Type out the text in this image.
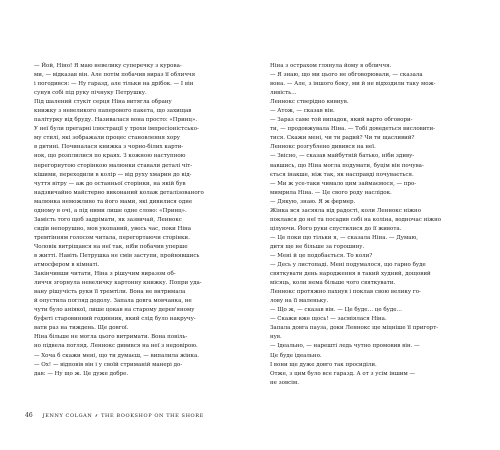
— Йой, Ніно! Я маю невелику суперечку з курова-

ми, — відказав він. Але потім побачив вираз її обличчя

і погодився: — Ну гаразд, але тільки на дрібок. — І він

сунув собі під руку пічнуку Петрушку.

Під шалений стукіт серця Ніна витягла обрану

книжку з невеликого паперового пакета, що захищав

палітурку від бруду. Називалася вона просто: «Принц».

У неї були прегарні ілюстрації у трохи імпресіоністсько-

му стилі, які зображали процес становлення хору

в дитині. Починалася книжка з чорно-білих карти-

нок, що розплилися по краях. З кожною наступною

перегорнутою сторінкою малюнки ставали деталі чіт-

кішими, переходили в колір — від руху хмарин до від-

чуття вітру — аж до останньої сторінки, на якій був

надзвичайно майстерно виконаний колаж деталізованого

малюнка неможливо та його мами, які дивилися одне

одному в очі, а під ними лише одне слово: «Принц».

Замість того щоб задрімати, як зазвичай, Леннокс

сидів непорушно, мов укопаний, увесь час, поки Ніна

тремтінням голосом читала, перегортаючи сторінки.

Чоловік витріщався на неї так, ніби побачив уперше

в житті. Навіть Петрушка не смів заступи, пройнявшись

атмосфером в кімнаті.

Закінчивши читати, Ніна з рішучим виразом об-

личчя згорнула невеличку картонну книжку. Попри уда-

вану рішучість руки її тремтіли. Вона не витримала

й опустила погляд додолу. Запала довга мовчанка, не

чути було аніякої, лише цокав на старому дерев'яному

буфеті старовинний годинник, який слід було накручу-

вати раз на тиждень. Ще довгої.

Ніна більше не могла цього витримати. Вона повіль-

но підвела погляд. Леннокс дивився на неї з недовірою.

— Хоча б скажи мені, що ти думаєш, — випалила жінка.

— Ох! — відповів він і у своїй стриманій манері до-

дав: — Ну що ж. Це дуже добре.

Ніна з острахом глянула йому в обличчя.

— Я знаю, що ми цього не обговорювали, — сказала

вона. — Але, з іншого боку, ми й не відходили таку мож-

ливість…

Леннокс стверідно кивнув.

— Атож, — сказав він.

— Зараз саме той випадок, який варто обговори-

ти, — продовжувала Ніна. — Тобі доведеться висловити-

тися. Скажи мені, чи ти радий? Чи ти щасливий?

Леннокс розгублено дивився на неї.

— Звісно, — сказав майбутній батько, ніби здиву-

вавшись, що Ніна могла подумати, буцім він почува-

ється інакше, ніж так, як насправді почувається.

— Ми ж усе-таки чималo цим займаємося, — про-

мимрила Ніна. — Це свого роду наслідок.

— Дякую, знаю. Я ж фермер.

Жінка вся засяяла від радості, коли Леннокс ніжно

поклався до неї та посадив собі на коліна, водночас ніжно

цілуючи. Його руки спустилися до її живота.

— Це поки що тільки я, — сказала Ніна. — Думаю,

дитя ще не більше за горошину.

— Мені й це подобається. То коли?

— Десь у листопаді. Мені подумалося, що гарно буде

святкувати день народження в такий худний, дощовий

місяць, коли нема більше чого святкувати.

Леннокс протяжно пахнув і поклав свою велику го-

лову на її маленьку.

— Що ж, — сказав він. — Це буде… це буде…

— Скажи вже щось! — засміялася Ніна.

Запала довга пауза, доки Леннокс ще міцніше її пригорт-

нув.

— Ідеально, — нарешті ледь чутно промовив він. —

Це буде ідеально.

І вони ще дуже довго так просиділи.

Отже, з цим було все гаразд. А от з усім іншим —

не зовсім.

46 JENNY COLGAN ⸙ THE BOOKSHOP ON THE SHORE
